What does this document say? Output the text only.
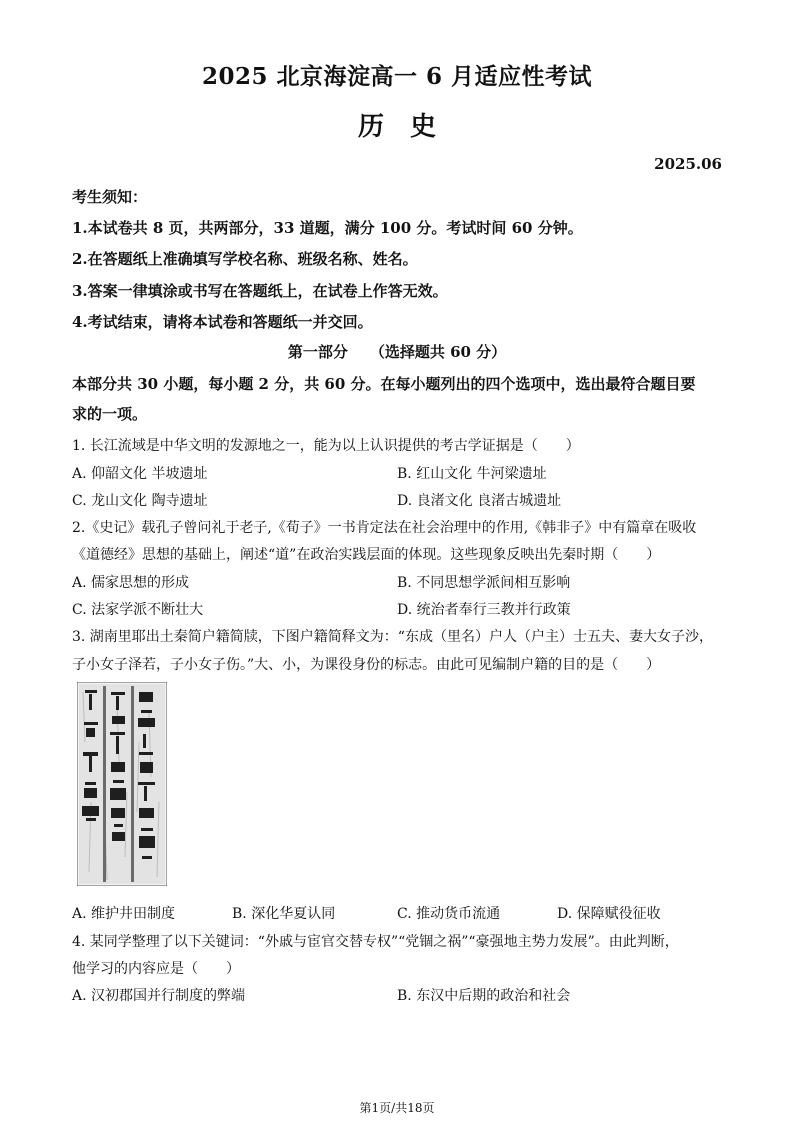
2025 北京海淀高一 6 月适应性考试
历　史
2025.06
考生须知：
1.本试卷共 8 页，共两部分，33 道题，满分 100 分。考试时间 60 分钟。
2.在答题纸上准确填写学校名称、班级名称、姓名。
3.答案一律填涂或书写在答题纸上，在试卷上作答无效。
4.考试结束，请将本试卷和答题纸一并交回。
第一部分 （选择题共 60 分）
本部分共 30 小题，每小题 2 分，共 60 分。在每小题列出的四个选项中，选出最符合题目要
求的一项。
1. 长江流域是中华文明的发源地之一，能为以上认识提供的考古学证据是（　　）
A. 仰韶文化 半坡遗址	B. 红山文化 牛河梁遗址
C. 龙山文化 陶寺遗址	D. 良渚文化 良渚古城遗址
2.《史记》载孔子曾问礼于老子,《荀子》一书肯定法在社会治理中的作用,《韩非子》中有篇章在吸收
《道德经》思想的基础上，阐述“道”在政治实践层面的体现。这些现象反映出先秦时期（　　）
A. 儒家思想的形成	B. 不同思想学派间相互影响
C. 法家学派不断壮大	D. 统治者奉行三教并行政策
3. 湖南里耶出土秦简户籍简牍，下图户籍简释文为：“东成（里名）户人（户主）士五夫、妻大女子沙，
子小女子泽若，子小女子伤。”大、小，为课役身份的标志。由此可见编制户籍的目的是（　　）
A. 维护井田制度	B. 深化华夏认同	C. 推动货币流通	D. 保障赋役征收
4. 某同学整理了以下关键词：“外戚与宦官交替专权”“党锢之祸”“豪强地主势力发展”。由此判断，
他学习的内容应是（　　）
A. 汉初郡国并行制度的弊端	B. 东汉中后期的政治和社会
第1页/共18页
